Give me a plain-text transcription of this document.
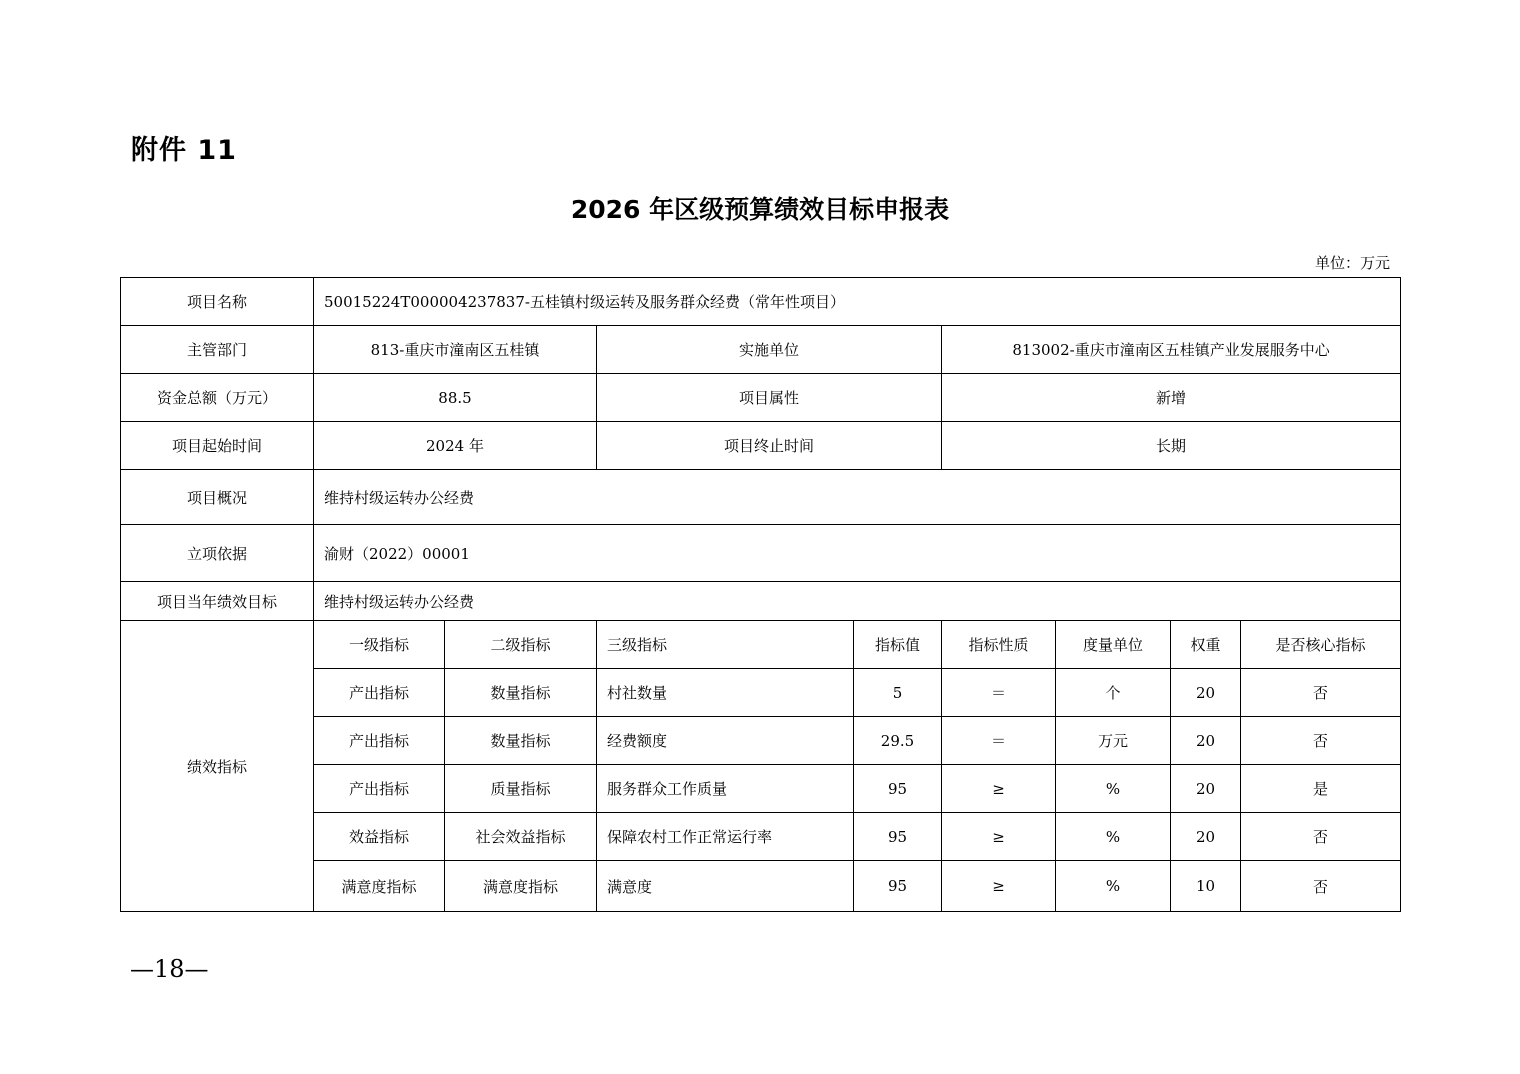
附件 11
2026 年区级预算绩效目标申报表
单位：万元
项目名称	50015224T000004237837-五桂镇村级运转及服务群众经费（常年性项目）							
主管部门	813-重庆市潼南区五桂镇		实施单位		813002-重庆市潼南区五桂镇产业发展服务中心			
资金总额（万元）	88.5		项目属性		新增			
项目起始时间	2024 年		项目终止时间		长期			
项目概况	维持村级运转办公经费							
立项依据	渝财（2022）00001							
项目当年绩效目标	维持村级运转办公经费							
绩效指标	一级指标	二级指标	三级指标	指标值	指标性质	度量单位	权重	是否核心指标
	产出指标	数量指标	村社数量	5	＝	个	20	否
	产出指标	数量指标	经费额度	29.5	＝	万元	20	否
	产出指标	质量指标	服务群众工作质量	95	≥	%	20	是
	效益指标	社会效益指标	保障农村工作正常运行率	95	≥	%	20	否
	满意度指标	满意度指标	满意度	95	≥	%	10	否
—18—
